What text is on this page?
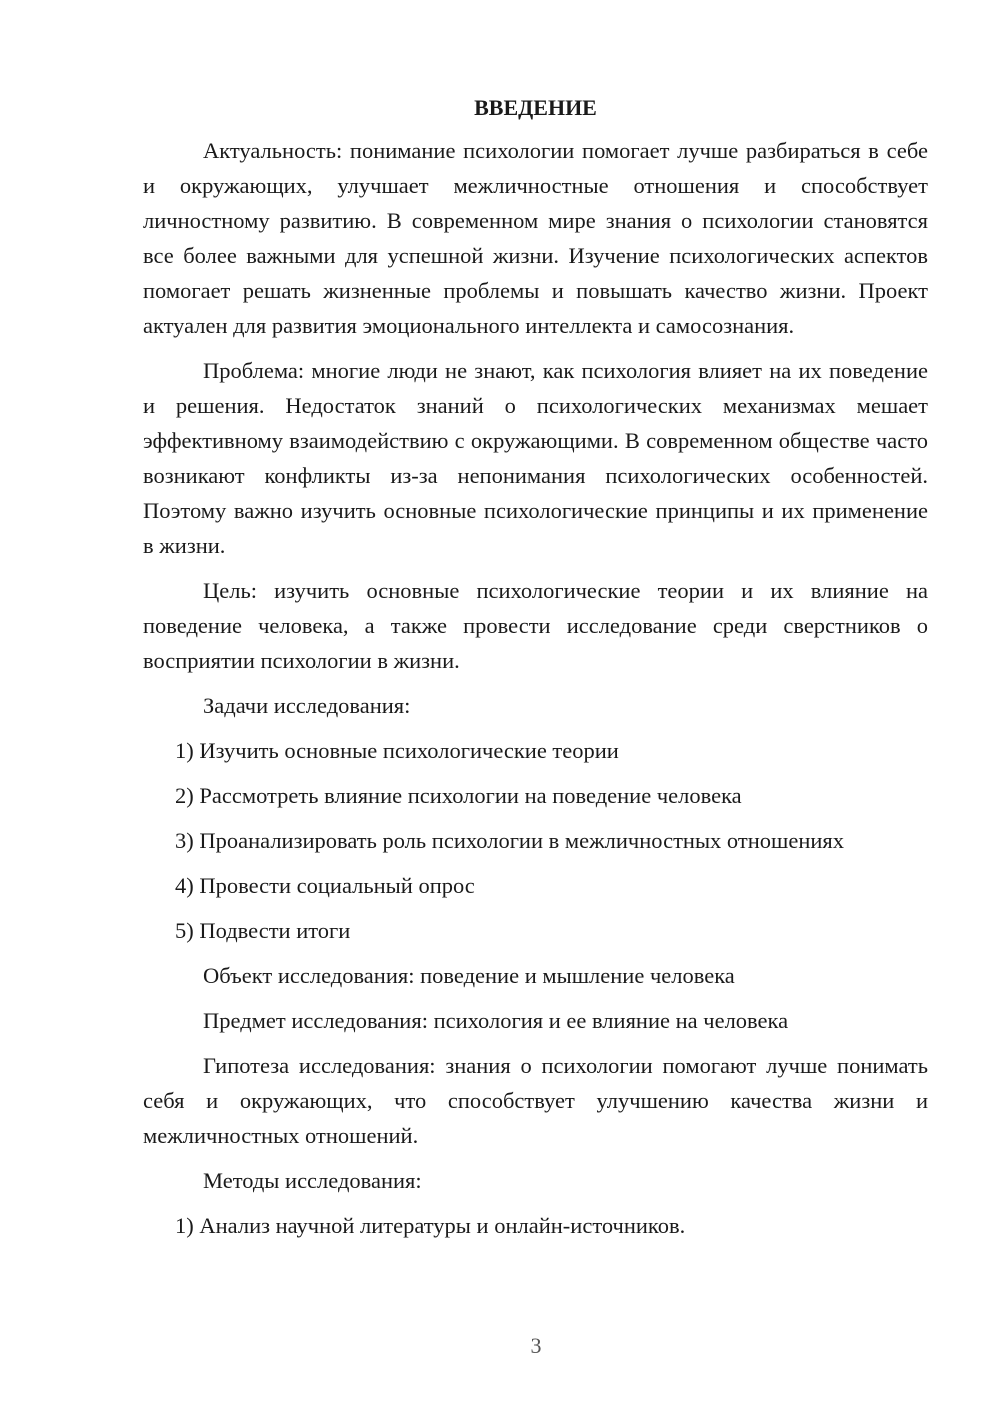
ВВЕДЕНИЕ
Актуальность: понимание психологии помогает лучше разбираться в себе и окружающих, улучшает межличностные отношения и способствует личностному развитию. В современном мире знания о психологии становятся все более важными для успешной жизни. Изучение психологических аспектов помогает решать жизненные проблемы и повышать качество жизни. Проект актуален для развития эмоционального интеллекта и самосознания.
Проблема: многие люди не знают, как психология влияет на их поведение и решения. Недостаток знаний о психологических механизмах мешает эффективному взаимодействию с окружающими. В современном обществе часто возникают конфликты из-за непонимания психологических особенностей. Поэтому важно изучить основные психологические принципы и их применение в жизни.
Цель: изучить основные психологические теории и их влияние на поведение человека, а также провести исследование среди сверстников о восприятии психологии в жизни.
Задачи исследования:
1) Изучить основные психологические теории
2) Рассмотреть влияние психологии на поведение человека
3) Проанализировать роль психологии в межличностных отношениях
4) Провести социальный опрос
5) Подвести итоги
Объект исследования: поведение и мышление человека
Предмет исследования: психология и ее влияние на человека
Гипотеза исследования: знания о психологии помогают лучше понимать себя и окружающих, что способствует улучшению качества жизни и межличностных отношений.
Методы исследования:
1) Анализ научной литературы и онлайн-источников.
3
